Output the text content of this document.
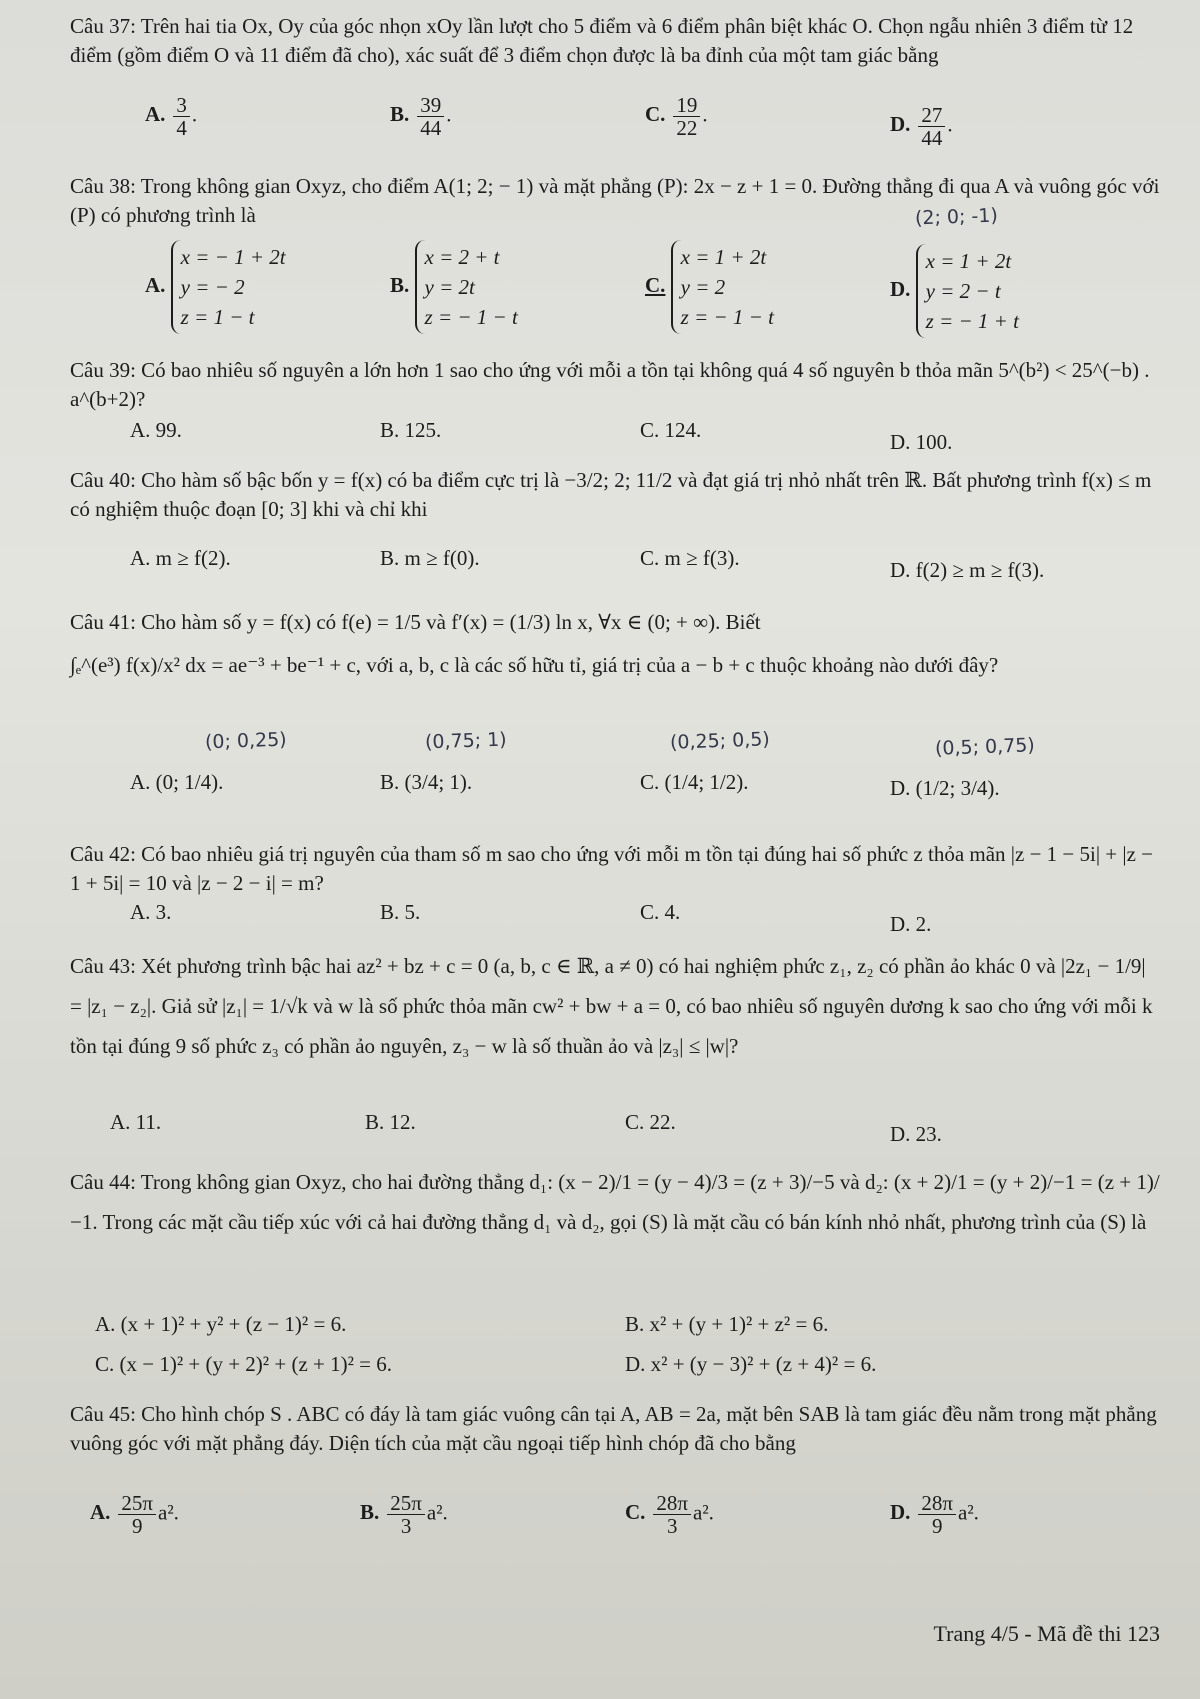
Câu 37: Trên hai tia Ox, Oy của góc nhọn xOy lần lượt cho 5 điểm và 6 điểm phân biệt khác O. Chọn ngẫu nhiên 3 điểm từ 12 điểm (gồm điểm O và 11 điểm đã cho), xác suất để 3 điểm chọn được là ba đỉnh của một tam giác bằng
A. $\frac{3}{4}$ .	B. $\frac{39}{44}$ .	C. $\frac{19}{22}$ .	D. $\frac{27}{44}$ .
Câu 38: Trong không gian Oxyz, cho điểm A(1; 2; − 1) và mặt phẳng (P): 2x − z + 1 = 0. Đường thẳng đi qua A và vuông góc với (P) có phương trình là	(2; 0; -1)
A.
x = − 1 + 2t
y = − 2
z = 1 − t
B.
x = 2 + t
y = 2t
z = − 1 − t
C.
x = 1 + 2t
y = 2
z = − 1 − t
D.
x = 1 + 2t
y = 2 − t
z = − 1 + t
Câu 39: Có bao nhiêu số nguyên a lớn hơn 1 sao cho ứng với mỗi a tồn tại không quá 4 số nguyên b thỏa mãn 5^(b²) < 25^(−b) . a^(b+2)?
A. 99.	B. 125.	C. 124.	D. 100.
Câu 40: Cho hàm số bậc bốn y = f(x) có ba điểm cực trị là −3/2; 2; 11/2 và đạt giá trị nhỏ nhất trên ℝ. Bất phương trình f(x) ≤ m có nghiệm thuộc đoạn [0; 3] khi và chỉ khi
A. m ≥ f(2).	B. m ≥ f(0).	C. m ≥ f(3).	D. f(2) ≥ m ≥ f(3).
Câu 41: Cho hàm số y = f(x) có f(e) = 1/5 và f′(x) = (1/3) ln x, ∀x ∈ (0; + ∞). Biết
∫ₑ^(e³) f(x)/x² dx = ae⁻³ + be⁻¹ + c, với a, b, c là các số hữu tỉ, giá trị của a − b + c thuộc khoảng nào dưới đây?
(0; 0,25)	(0,75; 1)	(0,25; 0,5)	(0,5; 0,75)
A. (0; 1/4).	B. (3/4; 1).	C. (1/4; 1/2).	D. (1/2; 3/4).
Câu 42: Có bao nhiêu giá trị nguyên của tham số m sao cho ứng với mỗi m tồn tại đúng hai số phức z thỏa mãn |z − 1 − 5i| + |z − 1 + 5i| = 10 và |z − 2 − i| = m?
A. 3.	B. 5.	C. 4.	D. 2.
Câu 43: Xét phương trình bậc hai az² + bz + c = 0 (a, b, c ∈ ℝ, a ≠ 0) có hai nghiệm phức z₁, z₂ có phần ảo khác 0 và |2z₁ − 1/9| = |z₁ − z₂|. Giả sử |z₁| = 1/√k và w là số phức thỏa mãn cw² + bw + a = 0, có bao nhiêu số nguyên dương k sao cho ứng với mỗi k tồn tại đúng 9 số phức z₃ có phần ảo nguyên, z₃ − w là số thuần ảo và |z₃| ≤ |w|?
A. 11.	B. 12.	C. 22.	D. 23.
Câu 44: Trong không gian Oxyz, cho hai đường thẳng d₁: (x − 2)/1 = (y − 4)/3 = (z + 3)/−5 và d₂: (x + 2)/1 = (y + 2)/−1 = (z + 1)/−1. Trong các mặt cầu tiếp xúc với cả hai đường thẳng d₁ và d₂, gọi (S) là mặt cầu có bán kính nhỏ nhất, phương trình của (S) là
A. (x + 1)² + y² + (z − 1)² = 6.	B. x² + (y + 1)² + z² = 6.
C. (x − 1)² + (y + 2)² + (z + 1)² = 6.	D. x² + (y − 3)² + (z + 4)² = 6.
Câu 45: Cho hình chóp S . ABC có đáy là tam giác vuông cân tại A, AB = 2a, mặt bên SAB là tam giác đều nằm trong mặt phẳng vuông góc với mặt phẳng đáy. Diện tích của mặt cầu ngoại tiếp hình chóp đã cho bằng
A. $\frac{25\pi}{9} a^2$.	B. $\frac{25\pi}{3} a^2$.	C. $\frac{28\pi}{3} a^2$.	D. $\frac{28\pi}{9} a^2$.
Trang 4/5 - Mã đề thi 123
